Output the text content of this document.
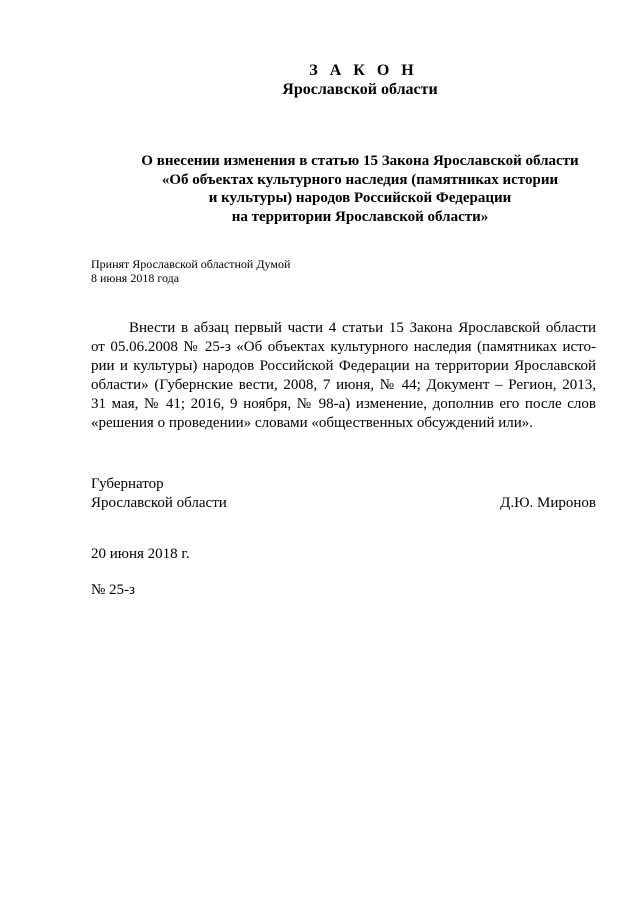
З А К О Н
Ярославской области
О внесении изменения в статью 15 Закона Ярославской области
«Об объектах культурного наследия (памятниках истории
и культуры) народов Российской Федерации
на территории Ярославской области»
Принят Ярославской областной Думой
8 июня 2018 года
Внести в абзац первый части 4 статьи 15 Закона Ярославской области
от 05.06.2008 № 25-з «Об объектах культурного наследия (памятниках исто-
рии и культуры) народов Российской Федерации на территории Ярославской
области» (Губернские вести, 2008, 7 июня, № 44; Документ – Регион, 2013,
31 мая, № 41; 2016, 9 ноября, № 98-а) изменение, дополнив его после слов
«решения о проведении» словами «общественных обсуждений или».
Губернатор
Ярославской области	Д.Ю. Миронов
20 июня 2018 г.
№ 25-з
